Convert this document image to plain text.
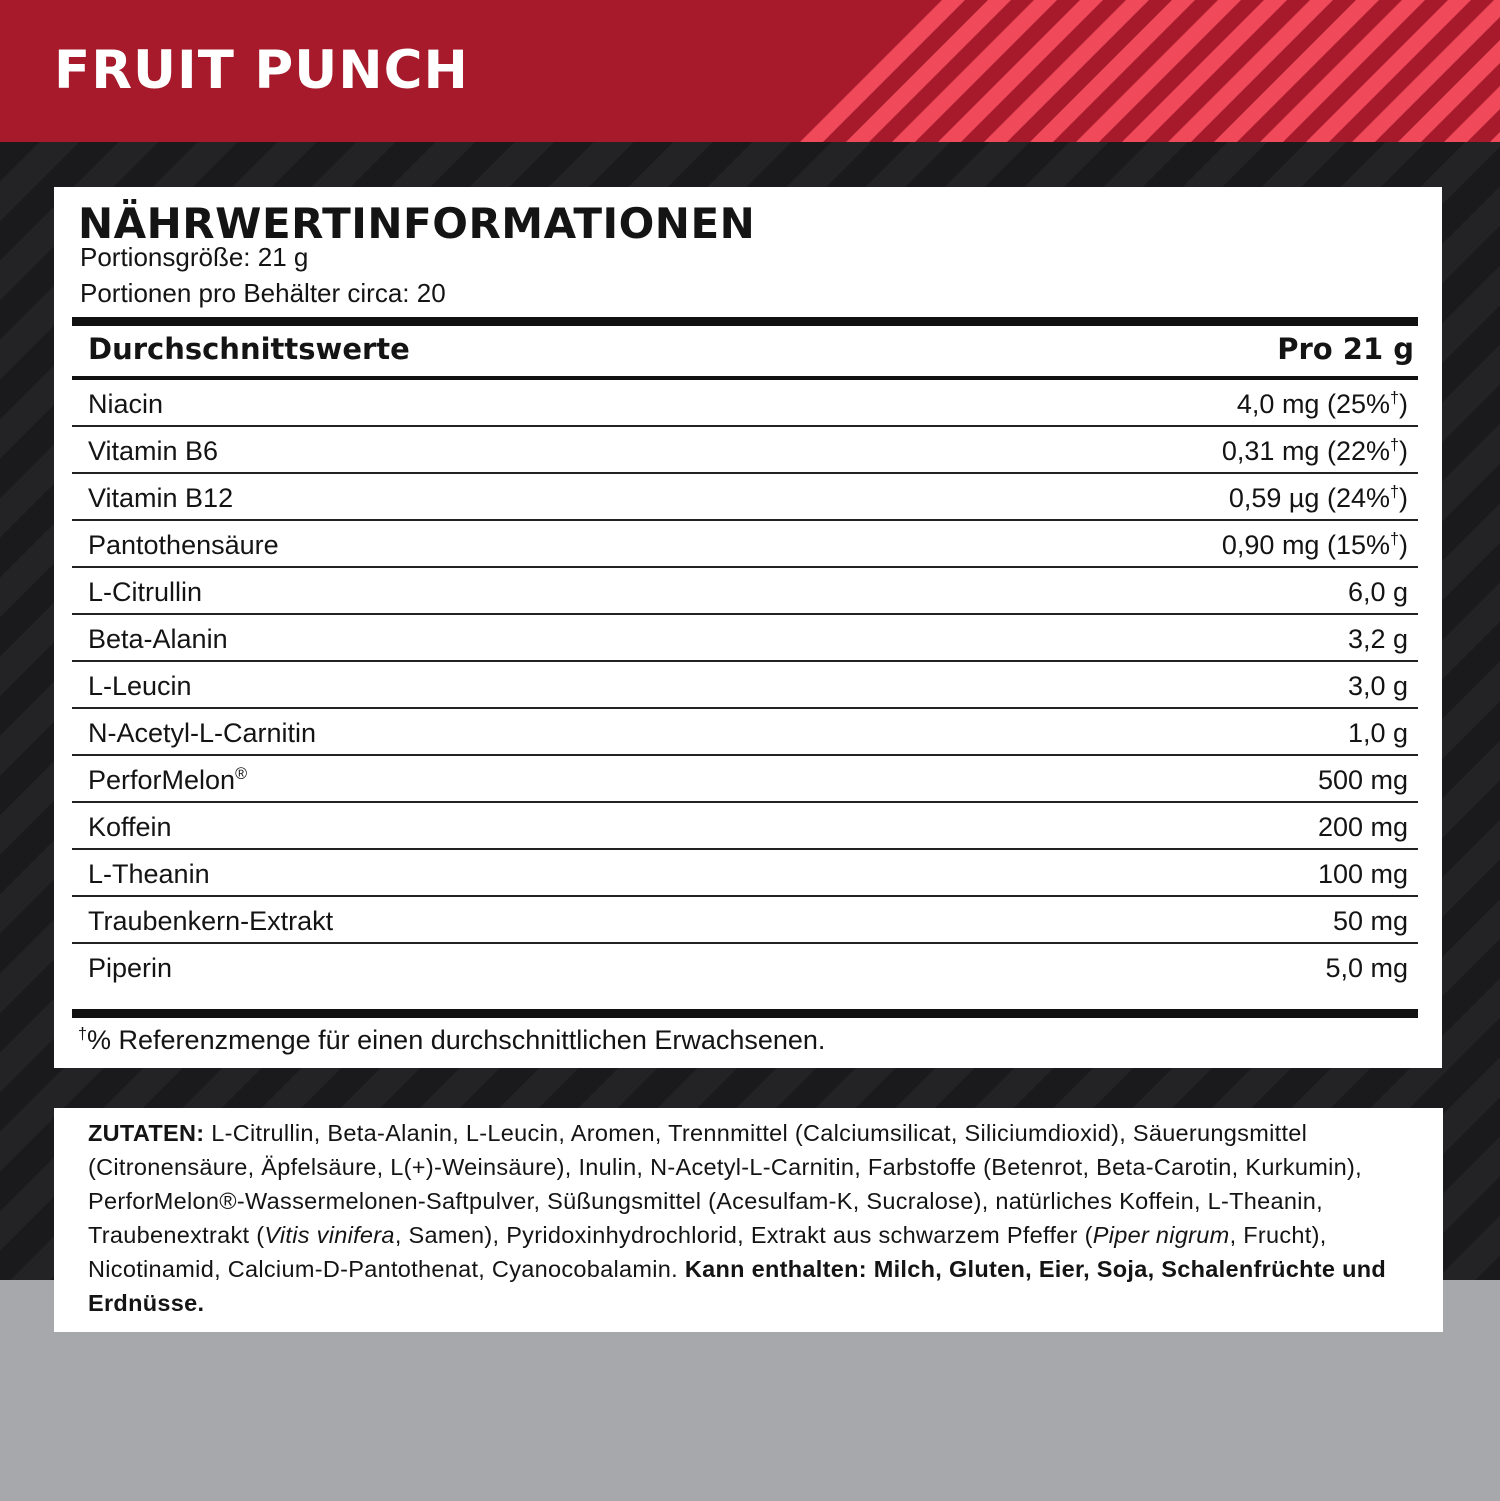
FRUIT PUNCH
NÄHRWERTINFORMATIONEN
Portionsgröße: 21 g
Portionen pro Behälter circa: 20
Durchschnittswerte	Pro 21 g
Niacin	4,0 mg (25%†)
Vitamin B6	0,31 mg (22%†)
Vitamin B12	0,59 µg (24%†)
Pantothensäure	0,90 mg (15%†)
L-Citrullin	6,0 g
Beta-Alanin	3,2 g
L-Leucin	3,0 g
N-Acetyl-L-Carnitin	1,0 g
PerforMelon®	500 mg
Koffein	200 mg
L-Theanin	100 mg
Traubenkern-Extrakt	50 mg
Piperin	5,0 mg
†% Referenzmenge für einen durchschnittlichen Erwachsenen.

ZUTATEN: L-Citrullin, Beta-Alanin, L-Leucin, Aromen, Trennmittel (Calciumsilicat, Siliciumdioxid), Säuerungsmittel (Citronensäure, Äpfelsäure, L(+)-Weinsäure), Inulin, N-Acetyl-L-Carnitin, Farbstoffe (Betenrot, Beta-Carotin, Kurkumin), PerforMelon®-Wassermelonen-Saftpulver, Süßungsmittel (Acesulfam-K, Sucralose), natürliches Koffein, L-Theanin, Traubenextrakt (Vitis vinifera, Samen), Pyridoxinhydrochlorid, Extrakt aus schwarzem Pfeffer (Piper nigrum, Frucht), Nicotinamid, Calcium-D-Pantothenat, Cyanocobalamin. Kann enthalten: Milch, Gluten, Eier, Soja, Schalenfrüchte und Erdnüsse.
